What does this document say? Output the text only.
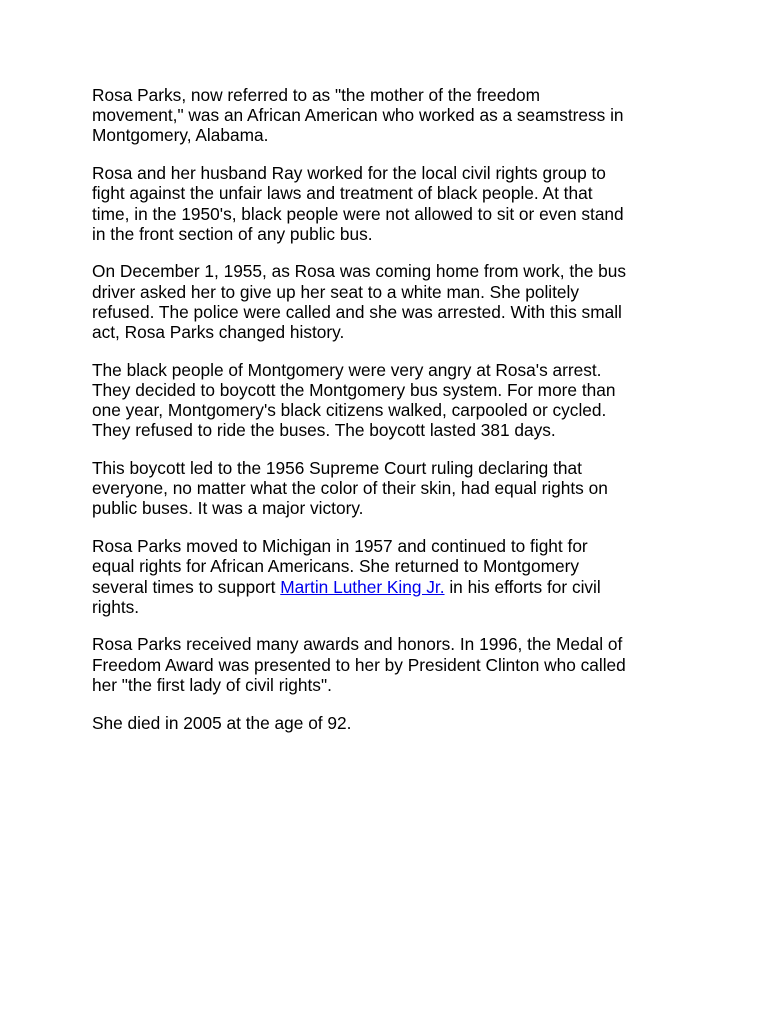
Rosa Parks, now referred to as "the mother of the freedom
movement," was an African American who worked as a seamstress in
Montgomery, Alabama.

Rosa and her husband Ray worked for the local civil rights group to
fight against the unfair laws and treatment of black people. At that
time, in the 1950's, black people were not allowed to sit or even stand
in the front section of any public bus.

On December 1, 1955, as Rosa was coming home from work, the bus
driver asked her to give up her seat to a white man. She politely
refused. The police were called and she was arrested. With this small
act, Rosa Parks changed history.

The black people of Montgomery were very angry at Rosa's arrest.
They decided to boycott the Montgomery bus system. For more than
one year, Montgomery's black citizens walked, carpooled or cycled.
They refused to ride the buses. The boycott lasted 381 days.

This boycott led to the 1956 Supreme Court ruling declaring that
everyone, no matter what the color of their skin, had equal rights on
public buses. It was a major victory.

Rosa Parks moved to Michigan in 1957 and continued to fight for
equal rights for African Americans. She returned to Montgomery
several times to support Martin Luther King Jr. in his efforts for civil
rights.

Rosa Parks received many awards and honors. In 1996, the Medal of
Freedom Award was presented to her by President Clinton who called
her "the first lady of civil rights".

She died in 2005 at the age of 92.
